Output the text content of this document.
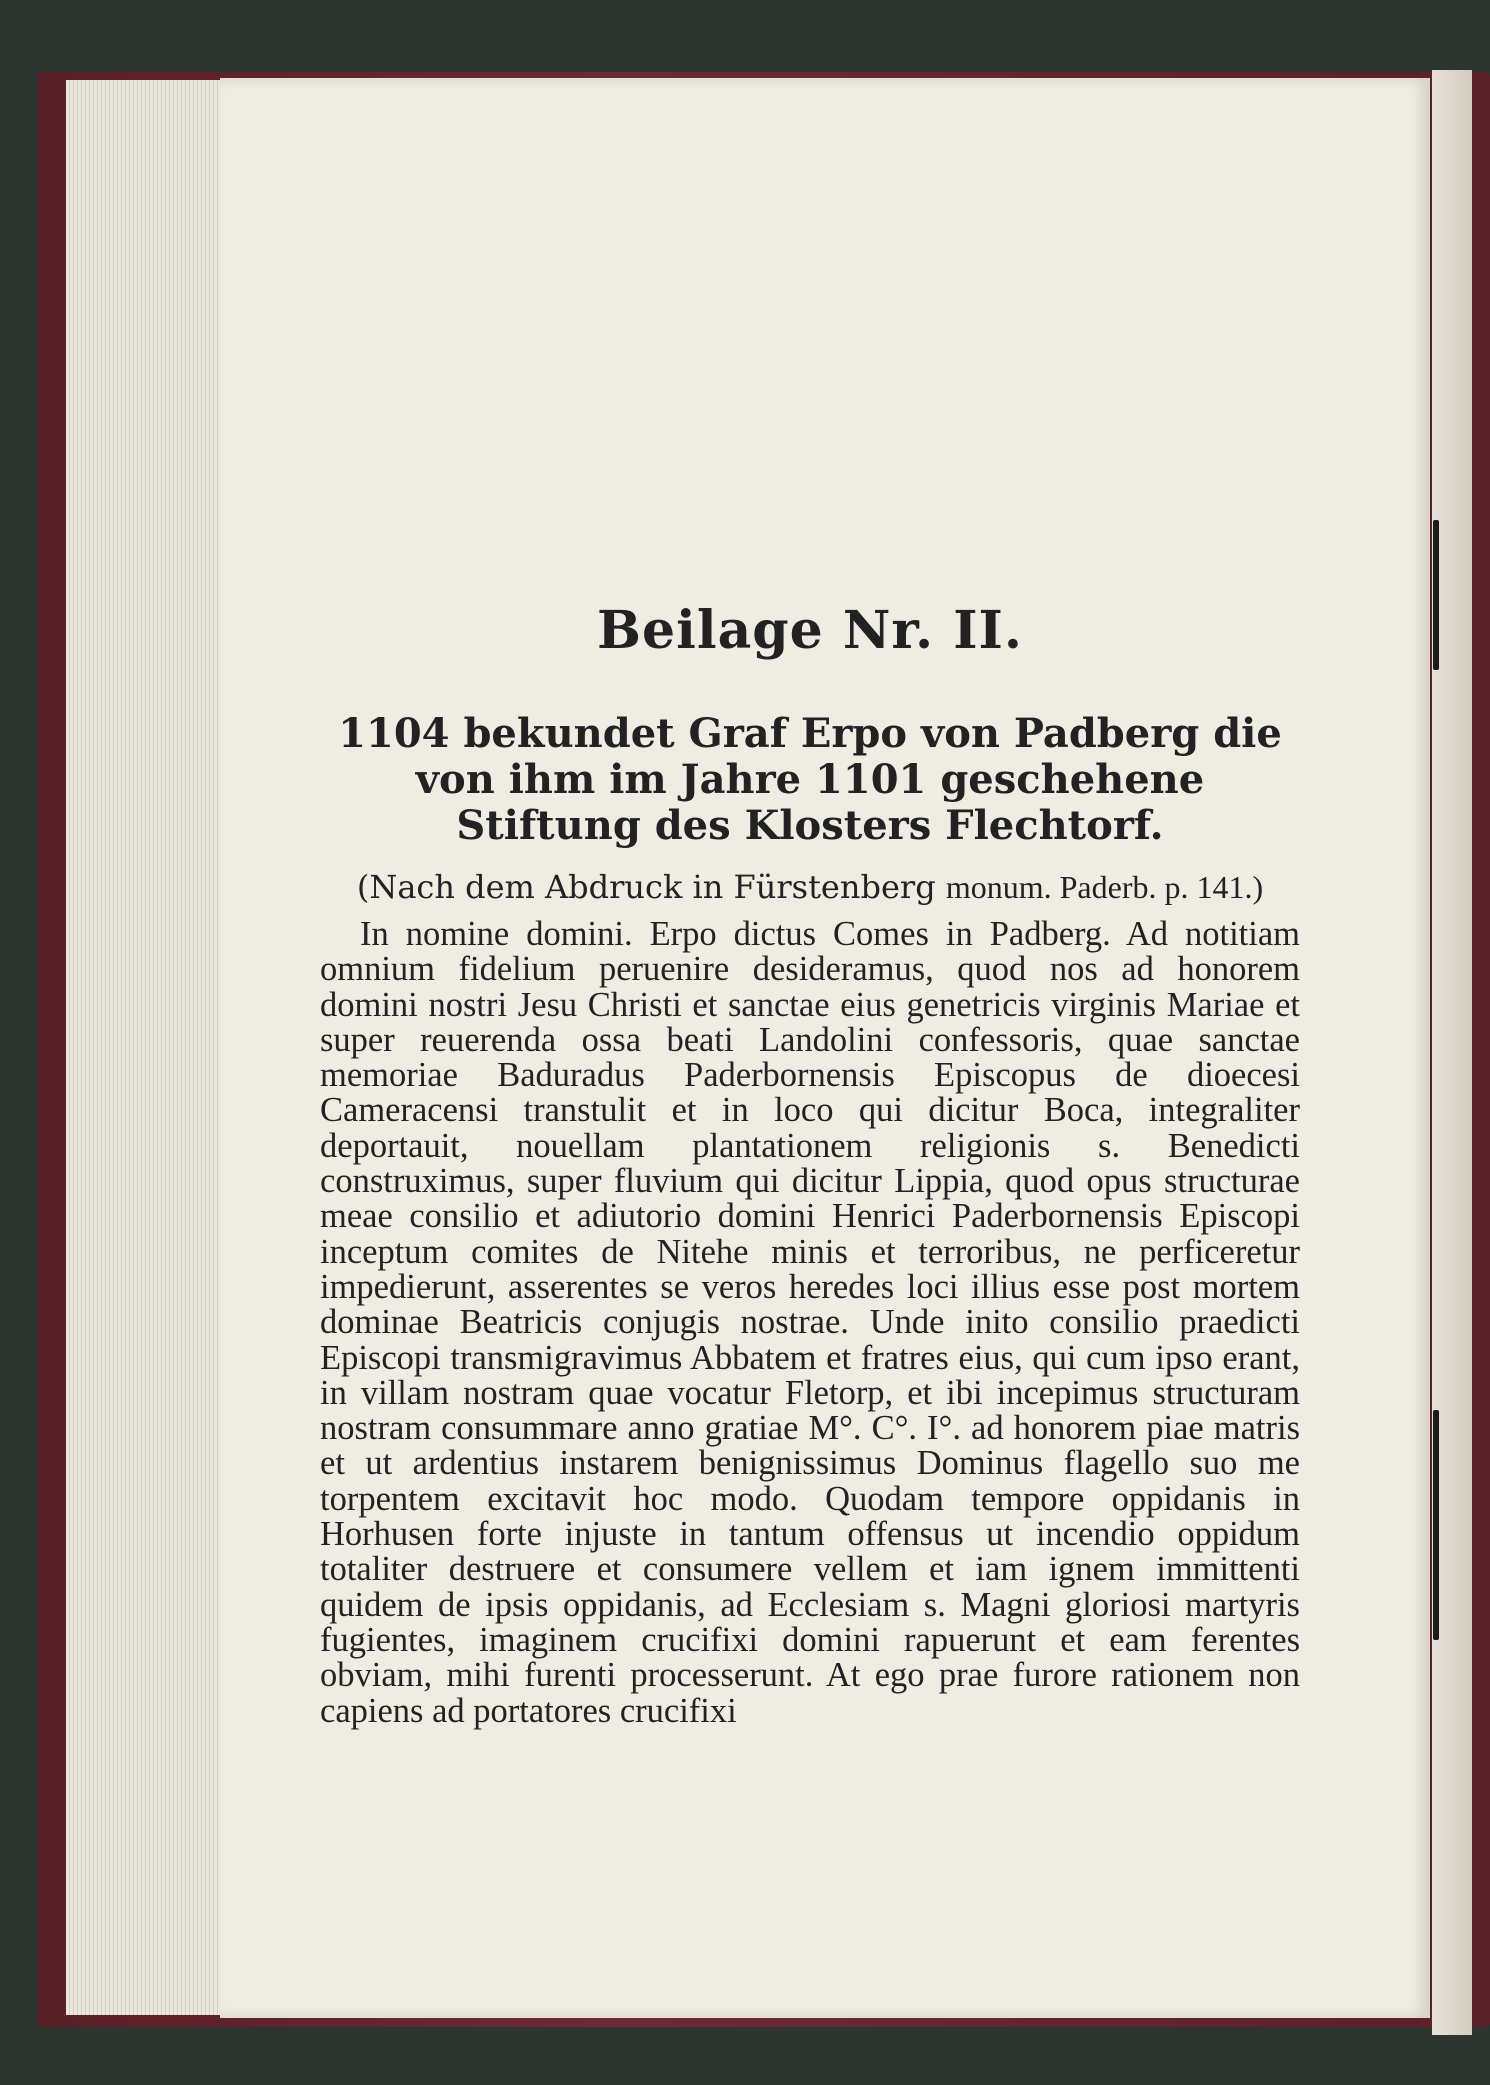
Beilage Nr. II.
1104 bekundet Graf Erpo von Padberg die von ihm im Jahre 1101 geschehene Stiftung des Klosters Flechtorf.

(Nach dem Abdruck in Fürstenberg monum. Paderb. p. 141.)

In nomine domini. Erpo dictus Comes in Padberg. Ad notitiam omnium fidelium peruenire desideramus, quod nos ad honorem domini nostri Jesu Christi et sanctae eius genetricis virginis Mariae et super reuerenda ossa beati Landolini confessoris, quae sanctae memoriae Baduradus Paderbornensis Episcopus de dioecesi Cameracensi transtulit et in loco qui dicitur Boca, integraliter deportauit, nouellam plantationem religionis s. Benedicti construximus, super fluvium qui dicitur Lippia, quod opus structurae meae consilio et adiutorio domini Henrici Paderbornensis Episcopi inceptum comites de Nitehe minis et terroribus, ne perficeretur impedierunt, asserentes se veros heredes loci illius esse post mortem dominae Beatricis conjugis nostrae. Unde inito consilio praedicti Episcopi transmigravimus Abbatem et fratres eius, qui cum ipso erant, in villam nostram quae vocatur Fletorp, et ibi incepimus structuram nostram consummare anno gratiae M°. C°. I°. ad honorem piae matris et ut ardentius instarem benignissimus Dominus flagello suo me torpentem excitavit hoc modo. Quodam tempore oppidanis in Horhusen forte injuste in tantum offensus ut incendio oppidum totaliter destruere et consumere vellem et iam ignem immittenti quidem de ipsis oppidanis, ad Ecclesiam s. Magni gloriosi martyris fugientes, imaginem crucifixi domini rapuerunt et eam ferentes obviam, mihi furenti processerunt. At ego prae furore rationem non capiens ad portatores crucifixi
